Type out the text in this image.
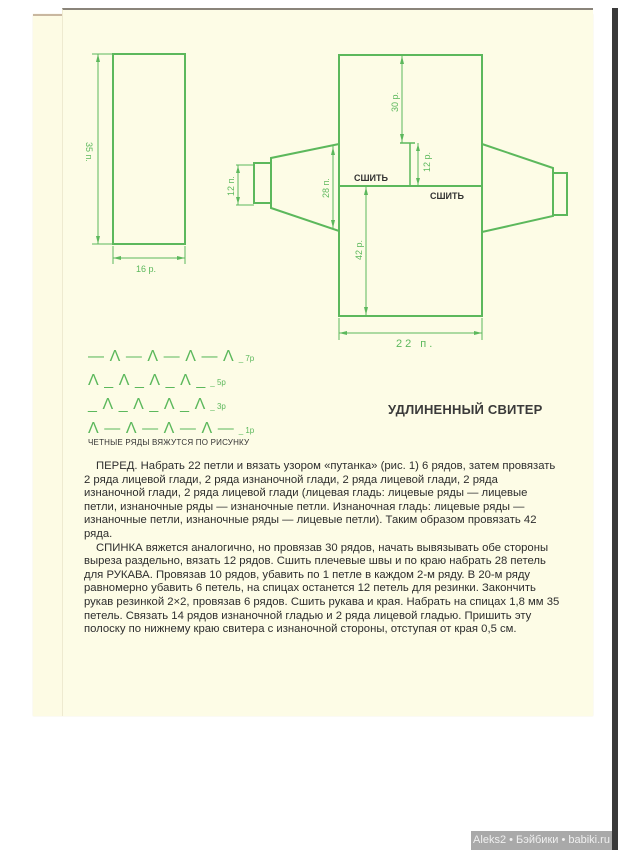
35 п.
16 р.
30 р.
12 р.
28 п.
12 п.
42 р.
22 п.
СШИТЬ
СШИТЬ
— Λ — Λ — Λ — Λ _ 7р
Λ _ Λ _ Λ _ Λ _ _ 5р
_ Λ _ Λ _ Λ _ Λ _ 3р
Λ — Λ — Λ — Λ — _ 1р
ЧЕТНЫЕ РЯДЫ ВЯЖУТСЯ ПО РИСУНКУ
УДЛИНЕННЫЙ СВИТЕР

ПЕРЕД. Набрать 22 петли и вязать узором «путанка» (рис. 1) 6 рядов, затем провязать 2 ряда лицевой глади, 2 ряда изнаночной глади, 2 ряда лицевой глади, 2 ряда изнаночной глади, 2 ряда лицевой глади (лицевая гладь: лицевые ряды — лицевые петли, изнаночные ряды — изнаночные петли. Изнаночная гладь: лицевые ряды — изнаночные петли, изнаночные ряды — лицевые петли). Таким образом провязать 42 ряда.

СПИНКА вяжется аналогично, но провязав 30 рядов, начать вывязывать обе стороны выреза раздельно, вязать 12 рядов. Сшить плечевые швы и по краю набрать 28 петель для РУКАВА. Провязав 10 рядов, убавить по 1 петле в каждом 2-м ряду. В 20-м ряду равномерно убавить 6 петель, на спицах останется 12 петель для резинки. Закончить рукав резинкой 2×2, провязав 6 рядов. Сшить рукава и края. Набрать на спицах 1,8 мм 35 петель. Связать 14 рядов изнаночной гладью и 2 ряда лицевой гладью. Пришить эту полоску по нижнему краю свитера с изнаночной стороны, отступая от края 0,5 см.

Aleks2 • Бэйбики • babiki.ru
